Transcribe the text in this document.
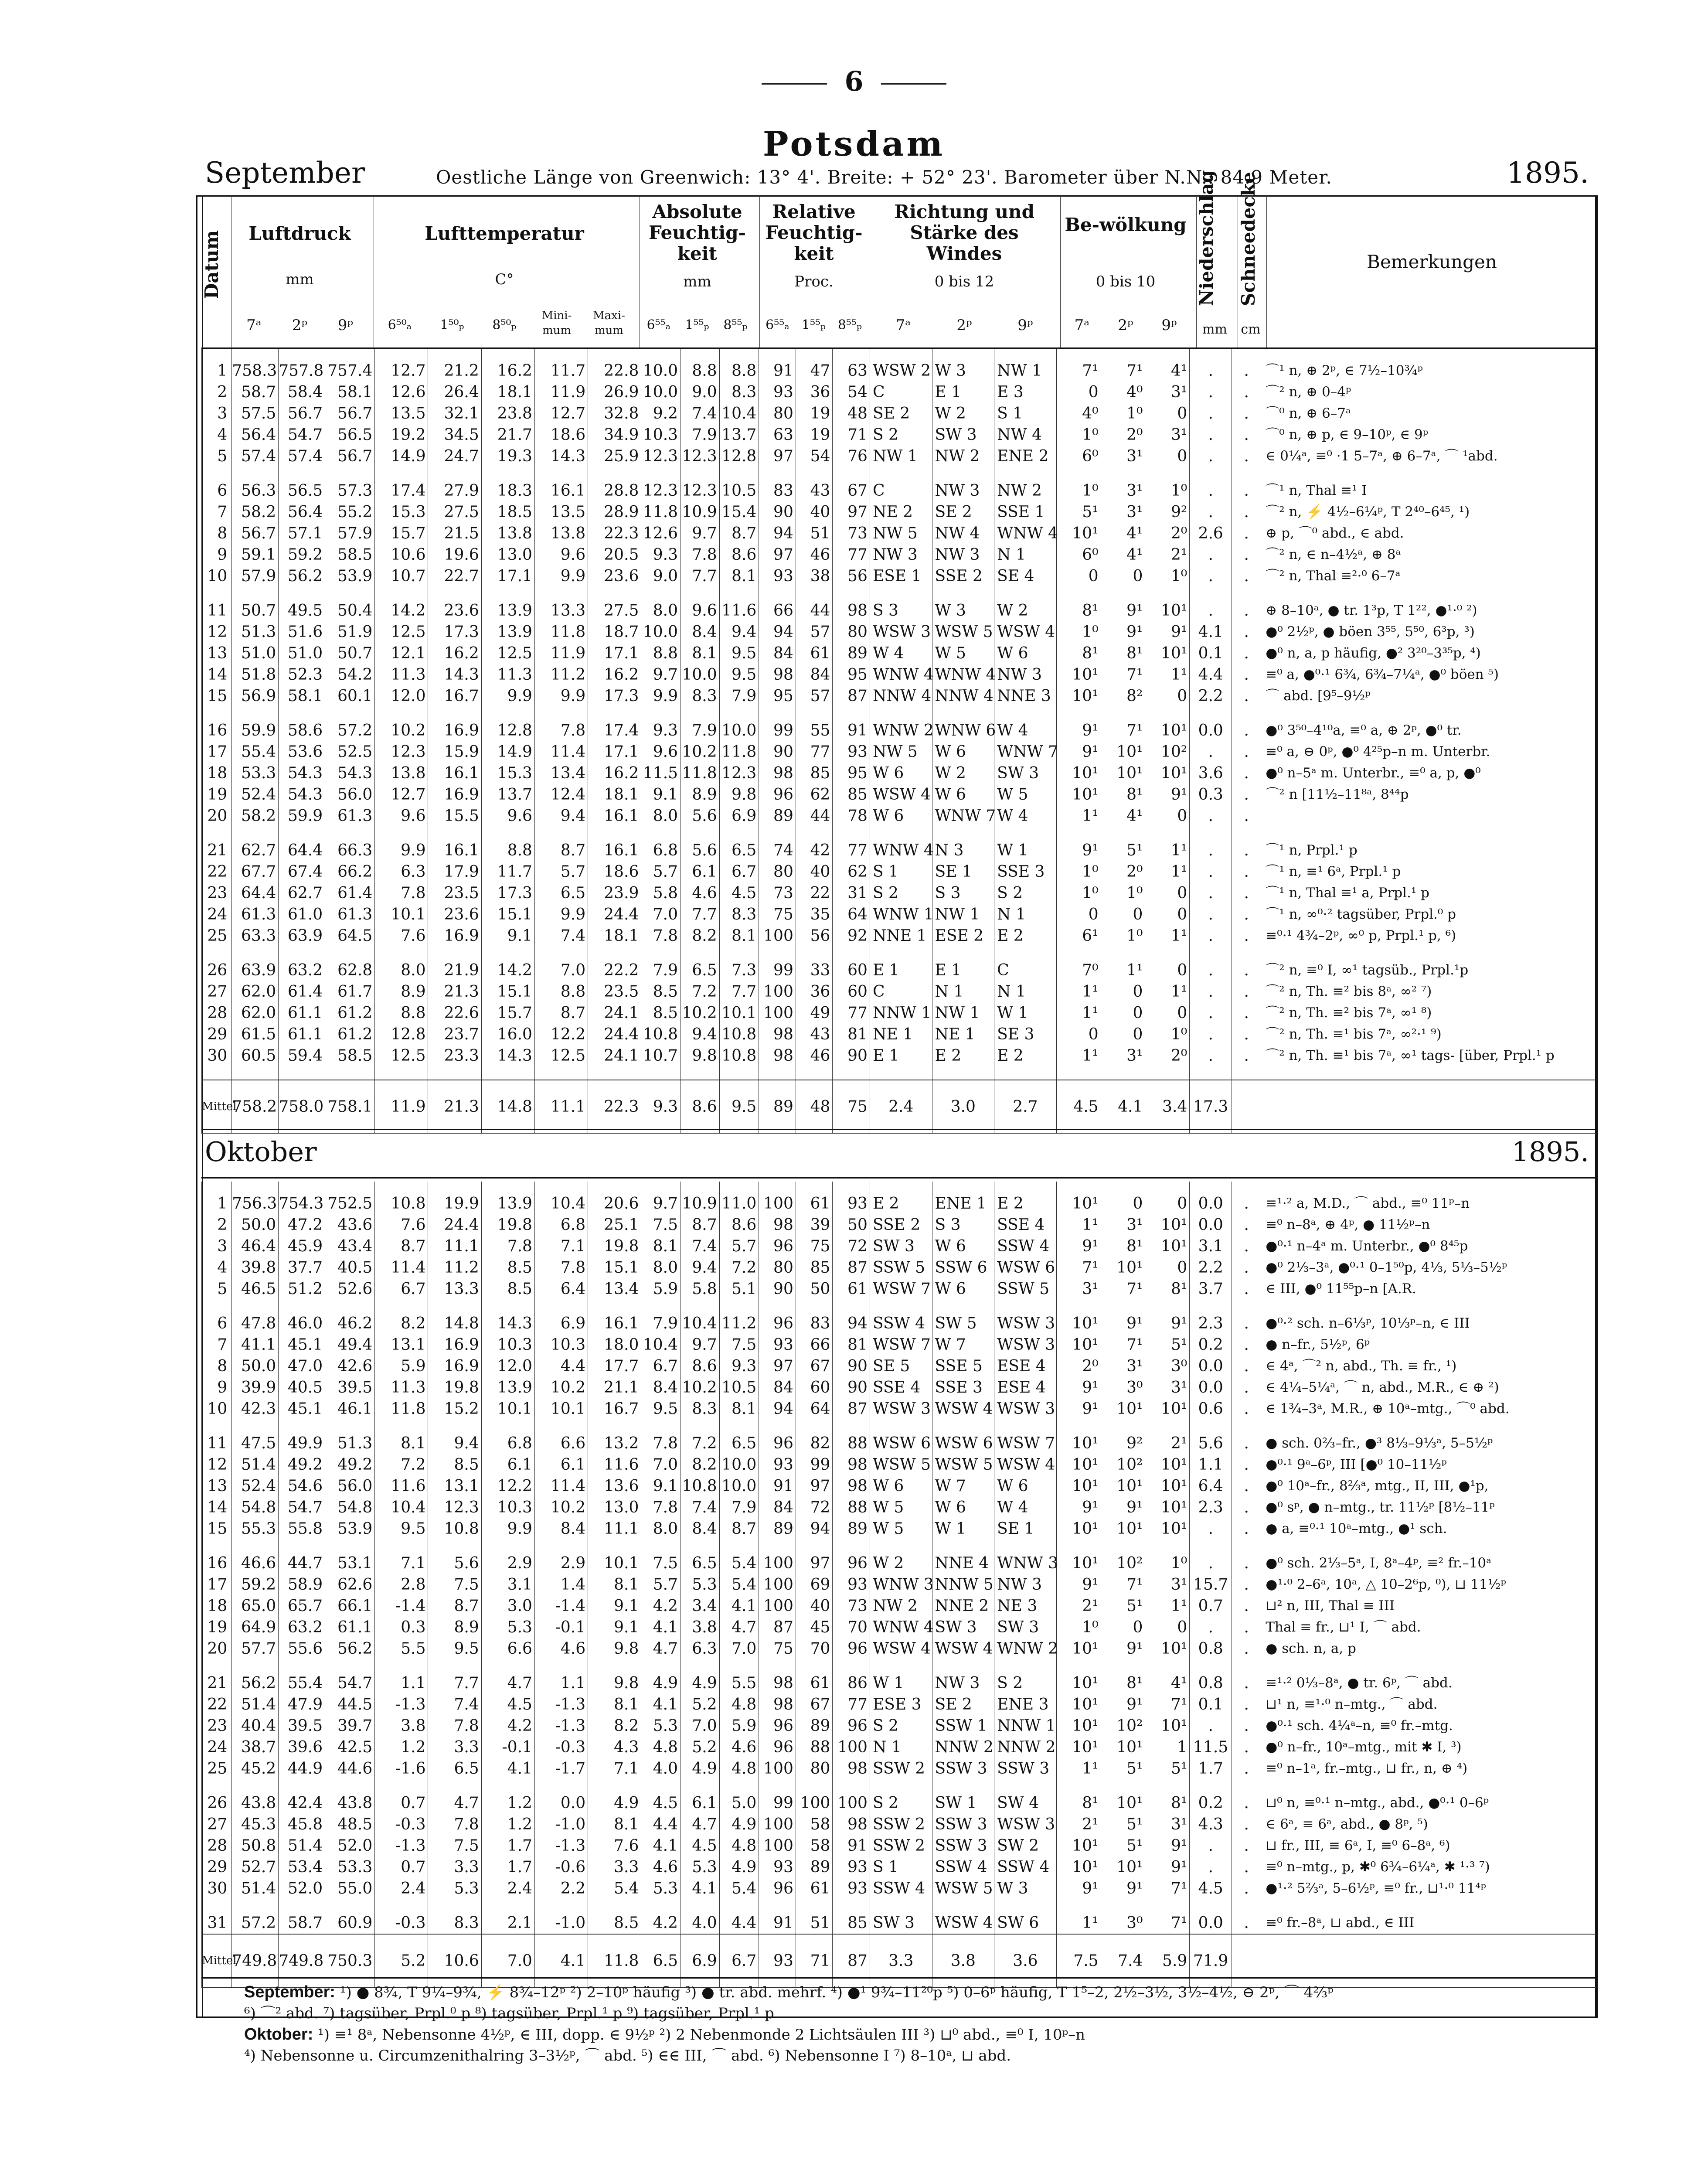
6
Potsdam
September	Oestliche Länge von Greenwich: 13° 4'. Breite: + 52° 23'. Barometer über N.N.: 84.9 Meter.	1895.
Datum	Luftdruck
mm
Lufttemperatur
C°
Absolute Feuchtig-keit
mm
Relative Feuchtig-keit
Proc.
Richtung und Stärke des Windes
0 bis 12
Be-wölkung
0 bis 10	Niederschlag	Schneedecke	Bemerkungen
7ᵃ	2ᵖ	9ᵖ	6⁵⁰ₐ	1⁵⁰ₚ	8⁵⁰ₚ
Mini-mum
Maxi-mum	6⁵⁵ₐ	1⁵⁵ₚ	8⁵⁵ₚ	6⁵⁵ₐ 1⁵⁵ₚ 8⁵⁵ₚ	7ᵃ	2ᵖ	9ᵖ	7ᵃ	2ᵖ	9ᵖ	mm	cm
1	758.3	757.8	757.4	12.7	21.2	16.2	11.7	22.8	10.0	8.8	8.8	91	47	63	WSW 2	W 3	NW 1	7¹	7¹	4¹	.	.	⌒¹ n, ⊕ 2ᵖ, ∈ 7½–10¾ᵖ
2	58.7	58.4	58.1	12.6	26.4	18.1	11.9	26.9	10.0	9.0	8.3	93	36	54	C	E 1	E 3	0	4⁰	3¹	.	.	⌒² n, ⊕ 0–4ᵖ
3	57.5	56.7	56.7	13.5	32.1	23.8	12.7	32.8	9.2	7.4	10.4	80	19	48	SE 2	W 2	S 1	4⁰	1⁰	0	.	.	⌒⁰ n, ⊕ 6–7ᵃ
4	56.4	54.7	56.5	19.2	34.5	21.7	18.6	34.9	10.3	7.9	13.7	63	19	71	S 2	SW 3	NW 4	1⁰	2⁰	3¹	.	.	⌒⁰ n, ⊕ p, ∈ 9–10ᵖ, ∈ 9ᵖ
5	57.4	57.4	56.7	14.9	24.7	19.3	14.3	25.9	12.3	12.3	12.8	97	54	76	NW 1	NW 2	ENE 2	6⁰	3¹	0	.	.	∈ 0¼ᵃ, ≡⁰ ·1 5–7ᵃ, ⊕ 6–7ᵃ, ⌒ ¹abd.
6	56.3	56.5	57.3	17.4	27.9	18.3	16.1	28.8	12.3	12.3	10.5	83	43	67	C	NW 3	NW 2	1⁰	3¹	1⁰	.	.	⌒¹ n, Thal ≡¹ I
7	58.2	56.4	55.2	15.3	27.5	18.5	13.5	28.9	11.8	10.9	15.4	90	40	97	NE 2	SE 2	SSE 1	5¹	3¹	9²	.	.	⌒² n, ⚡ 4½–6¼ᵖ, T 2⁴⁰–6⁴⁵, ¹)
8	56.7	57.1	57.9	15.7	21.5	13.8	13.8	22.3	12.6	9.7	8.7	94	51	73	NW 5	NW 4	WNW 4	10¹	4¹	2⁰	2.6	.	⊕ p, ⌒⁰ abd., ∈ abd.
9	59.1	59.2	58.5	10.6	19.6	13.0	9.6	20.5	9.3	7.8	8.6	97	46	77	NW 3	NW 3	N 1	6⁰	4¹	2¹	.	.	⌒² n, ∈ n–4½ᵃ, ⊕ 8ᵃ
10	57.9	56.2	53.9	10.7	22.7	17.1	9.9	23.6	9.0	7.7	8.1	93	38	56	ESE 1	SSE 2	SE 4	0	0	1⁰	.	.	⌒² n, Thal ≡²·⁰ 6–7ᵃ
11	50.7	49.5	50.4	14.2	23.6	13.9	13.3	27.5	8.0	9.6	11.6	66	44	98	S 3	W 3	W 2	8¹	9¹	10¹	.	.	⊕ 8–10ᵃ, ● tr. 1³p, T 1²², ●¹·⁰ ²)
12	51.3	51.6	51.9	12.5	17.3	13.9	11.8	18.7	10.0	8.4	9.4	94	57	80	WSW 3	WSW 5	WSW 4	1⁰	9¹	9¹	4.1	.	●⁰ 2½ᵖ, ● böen 3⁵⁵, 5⁵⁰, 6³p, ³)
13	51.0	51.0	50.7	12.1	16.2	12.5	11.9	17.1	8.8	8.1	9.5	84	61	89	W 4	W 5	W 6	8¹	8¹	10¹	0.1	.	●⁰ n, a, p häufig, ●² 3²⁰–3³⁵p, ⁴)
14	51.8	52.3	54.2	11.3	14.3	11.3	11.2	16.2	9.7	10.0	9.5	98	84	95	WNW 4	WNW 4	NW 3	10¹	7¹	1¹	4.4	.	≡⁰ a, ●⁰·¹ 6¾, 6¾–7¼ᵃ, ●⁰ böen ⁵)
15	56.9	58.1	60.1	12.0	16.7	9.9	9.9	17.3	9.9	8.3	7.9	95	57	87	NNW 4	NNW 4	NNE 3	10¹	8²	0	2.2	.	⌒ abd. [9⁵–9½ᵖ
16	59.9	58.6	57.2	10.2	16.9	12.8	7.8	17.4	9.3	7.9	10.0	99	55	91	WNW 2	WNW 6	W 4	9¹	7¹	10¹	0.0	.	●⁰ 3⁵⁰–4¹⁰a, ≡⁰ a, ⊕ 2ᵖ, ●⁰ tr.
17	55.4	53.6	52.5	12.3	15.9	14.9	11.4	17.1	9.6	10.2	11.8	90	77	93	NW 5	W 6	WNW 7	9¹	10¹	10²	.	.	≡⁰ a, ⊖ 0ᵖ, ●⁰ 4²⁵p–n m. Unterbr.
18	53.3	54.3	54.3	13.8	16.1	15.3	13.4	16.2	11.5	11.8	12.3	98	85	95	W 6	W 2	SW 3	10¹	10¹	10¹	3.6	.	●⁰ n–5ᵃ m. Unterbr., ≡⁰ a, p, ●⁰
19	52.4	54.3	56.0	12.7	16.9	13.7	12.4	18.1	9.1	8.9	9.8	96	62	85	WSW 4	W 6	W 5	10¹	8¹	9¹	0.3	.	⌒² n [11½–11⁸ᵃ, 8⁴⁴p
20	58.2	59.9	61.3	9.6	15.5	9.6	9.4	16.1	8.0	5.6	6.9	89	44	78	W 6	WNW 7	W 4	1¹	4¹	0	.	.	
21	62.7	64.4	66.3	9.9	16.1	8.8	8.7	16.1	6.8	5.6	6.5	74	42	77	WNW 4	N 3	W 1	9¹	5¹	1¹	.	.	⌒¹ n, Prpl.¹ p
22	67.7	67.4	66.2	6.3	17.9	11.7	5.7	18.6	5.7	6.1	6.7	80	40	62	S 1	SE 1	SSE 3	1⁰	2⁰	1¹	.	.	⌒¹ n, ≡¹ 6ᵃ, Prpl.¹ p
23	64.4	62.7	61.4	7.8	23.5	17.3	6.5	23.9	5.8	4.6	4.5	73	22	31	S 2	S 3	S 2	1⁰	1⁰	0	.	.	⌒¹ n, Thal ≡¹ a, Prpl.¹ p
24	61.3	61.0	61.3	10.1	23.6	15.1	9.9	24.4	7.0	7.7	8.3	75	35	64	WNW 1	NW 1	N 1	0	0	0	.	.	⌒¹ n, ∞⁰·² tagsüber, Prpl.⁰ p
25	63.3	63.9	64.5	7.6	16.9	9.1	7.4	18.1	7.8	8.2	8.1	100	56	92	NNE 1	ESE 2	E 2	6¹	1⁰	1¹	.	.	≡⁰·¹ 4¾–2ᵖ, ∞⁰ p, Prpl.¹ p, ⁶)
26	63.9	63.2	62.8	8.0	21.9	14.2	7.0	22.2	7.9	6.5	7.3	99	33	60	E 1	E 1	C	7⁰	1¹	0	.	.	⌒² n, ≡⁰ I, ∞¹ tagsüb., Prpl.¹p
27	62.0	61.4	61.7	8.9	21.3	15.1	8.8	23.5	8.5	7.2	7.7	100	36	60	C	N 1	N 1	1¹	0	1¹	.	.	⌒² n, Th. ≡² bis 8ᵃ, ∞² ⁷)
28	62.0	61.1	61.2	8.8	22.6	15.7	8.7	24.1	8.5	10.2	10.1	100	49	77	NNW 1	NW 1	W 1	1¹	0	0	.	.	⌒² n, Th. ≡² bis 7ᵃ, ∞¹ ⁸)
29	61.5	61.1	61.2	12.8	23.7	16.0	12.2	24.4	10.8	9.4	10.8	98	43	81	NE 1	NE 1	SE 3	0	0	1⁰	.	.	⌒² n, Th. ≡¹ bis 7ᵃ, ∞²·¹ ⁹)
30	60.5	59.4	58.5	12.5	23.3	14.3	12.5	24.1	10.7	9.8	10.8	98	46	90	E 1	E 2	E 2	1¹	3¹	2⁰	.	.	⌒² n, Th. ≡¹ bis 7ᵃ, ∞¹ tags- [über, Prpl.¹ p
Mittel	758.2	758.0	758.1	11.9	21.3	14.8	11.1	22.3	9.3	8.6	9.5	89	48	75	2.4	3.0	2.7	4.5	4.1	3.4	17.3		
Oktober	1895.
1	756.3	754.3	752.5	10.8	19.9	13.9	10.4	20.6	9.7	10.9	11.0	100	61	93	E 2	ENE 1	E 2	10¹	0	0	0.0	.	≡¹·² a, M.D., ⌒ abd., ≡⁰ 11ᵖ–n
2	50.0	47.2	43.6	7.6	24.4	19.8	6.8	25.1	7.5	8.7	8.6	98	39	50	SSE 2	S 3	SSE 4	1¹	3¹	10¹	0.0	.	≡⁰ n–8ᵃ, ⊕ 4ᵖ, ● 11½ᵖ–n
3	46.4	45.9	43.4	8.7	11.1	7.8	7.1	19.8	8.1	7.4	5.7	96	75	72	SW 3	W 6	SSW 4	9¹	8¹	10¹	3.1	.	●⁰·¹ n–4ᵃ m. Unterbr., ●⁰ 8⁴⁵p
4	39.8	37.7	40.5	11.4	11.2	8.5	7.8	15.1	8.0	9.4	7.2	80	85	87	SSW 5	SSW 6	WSW 6	7¹	10¹	0	2.2	.	●⁰ 2⅓–3ᵃ, ●⁰·¹ 0–1⁵⁰p, 4⅓, 5⅓–5½ᵖ
5	46.5	51.2	52.6	6.7	13.3	8.5	6.4	13.4	5.9	5.8	5.1	90	50	61	WSW 7	W 6	SSW 5	3¹	7¹	8¹	3.7	.	∈ III, ●⁰ 11⁵⁵p–n [A.R.
6	47.8	46.0	46.2	8.2	14.8	14.3	6.9	16.1	7.9	10.4	11.2	96	83	94	SSW 4	SW 5	WSW 3	10¹	9¹	9¹	2.3	.	●⁰·² sch. n–6⅓ᵖ, 10⅓ᵖ–n, ∈ III
7	41.1	45.1	49.4	13.1	16.9	10.3	10.3	18.0	10.4	9.7	7.5	93	66	81	WSW 7	W 7	WSW 3	10¹	7¹	5¹	0.2	.	● n–fr., 5½ᵖ, 6ᵖ
8	50.0	47.0	42.6	5.9	16.9	12.0	4.4	17.7	6.7	8.6	9.3	97	67	90	SE 5	SSE 5	ESE 4	2⁰	3¹	3⁰	0.0	.	∈ 4ᵃ, ⌒² n, abd., Th. ≡ fr., ¹)
9	39.9	40.5	39.5	11.3	19.8	13.9	10.2	21.1	8.4	10.2	10.5	84	60	90	SSE 4	SSE 3	ESE 4	9¹	3⁰	3¹	0.0	.	∈ 4¼–5¼ᵃ, ⌒ n, abd., M.R., ∈ ⊕ ²)
10	42.3	45.1	46.1	11.8	15.2	10.1	10.1	16.7	9.5	8.3	8.1	94	64	87	WSW 3	WSW 4	WSW 3	9¹	10¹	10¹	0.6	.	∈ 1¾–3ᵃ, M.R., ⊕ 10ᵃ–mtg., ⌒⁰ abd.
11	47.5	49.9	51.3	8.1	9.4	6.8	6.6	13.2	7.8	7.2	6.5	96	82	88	WSW 6	WSW 6	WSW 7	10¹	9²	2¹	5.6	.	● sch. 0⅔–fr., ●³ 8⅓–9⅓ᵃ, 5–5½ᵖ
12	51.4	49.2	49.2	7.2	8.5	6.1	6.1	11.6	7.0	8.2	10.0	93	99	98	WSW 5	WSW 5	WSW 4	10¹	10²	10¹	1.1	.	●⁰·¹ 9ᵃ–6ᵖ, III [●⁰ 10–11½ᵖ
13	52.4	54.6	56.0	11.6	13.1	12.2	11.4	13.6	9.1	10.8	10.0	91	97	98	W 6	W 7	W 6	10¹	10¹	10¹	6.4	.	●⁰ 10ᵃ–fr., 8⅔ᵃ, mtg., II, III, ●¹p,
14	54.8	54.7	54.8	10.4	12.3	10.3	10.2	13.0	7.8	7.4	7.9	84	72	88	W 5	W 6	W 4	9¹	9¹	10¹	2.3	.	●⁰ sᵖ, ● n–mtg., tr. 11½ᵖ [8½–11ᵖ
15	55.3	55.8	53.9	9.5	10.8	9.9	8.4	11.1	8.0	8.4	8.7	89	94	89	W 5	W 1	SE 1	10¹	10¹	10¹	.	.	● a, ≡⁰·¹ 10ᵃ–mtg., ●¹ sch.
16	46.6	44.7	53.1	7.1	5.6	2.9	2.9	10.1	7.5	6.5	5.4	100	97	96	W 2	NNE 4	WNW 3	10¹	10²	1⁰	.	.	●⁰ sch. 2⅓–5ᵃ, I, 8ᵃ–4ᵖ, ≡² fr.–10ᵃ
17	59.2	58.9	62.6	2.8	7.5	3.1	1.4	8.1	5.7	5.3	5.4	100	69	93	WNW 3	NNW 5	NW 3	9¹	7¹	3¹	15.7	.	●¹·⁰ 2–6ᵃ, 10ᵃ, △ 10–2⁶p, ⁰), ⊔ 11½ᵖ
18	65.0	65.7	66.1	-1.4	8.7	3.0	-1.4	9.1	4.2	3.4	4.1	100	40	73	NW 2	NNE 2	NE 3	2¹	5¹	1¹	0.7	.	⊔² n, III, Thal ≡ III
19	64.9	63.2	61.1	0.3	8.9	5.3	-0.1	9.1	4.1	3.8	4.7	87	45	70	WNW 4	SW 3	SW 3	1⁰	0	0	.	.	Thal ≡ fr., ⊔¹ I, ⌒ abd.
20	57.7	55.6	56.2	5.5	9.5	6.6	4.6	9.8	4.7	6.3	7.0	75	70	96	WSW 4	WSW 4	WNW 2	10¹	9¹	10¹	0.8	.	● sch. n, a, p
21	56.2	55.4	54.7	1.1	7.7	4.7	1.1	9.8	4.9	4.9	5.5	98	61	86	W 1	NW 3	S 2	10¹	8¹	4¹	0.8	.	≡¹·² 0⅓–8ᵃ, ● tr. 6ᵖ, ⌒ abd.
22	51.4	47.9	44.5	-1.3	7.4	4.5	-1.3	8.1	4.1	5.2	4.8	98	67	77	ESE 3	SE 2	ENE 3	10¹	9¹	7¹	0.1	.	⊔¹ n, ≡¹·⁰ n–mtg., ⌒ abd.
23	40.4	39.5	39.7	3.8	7.8	4.2	-1.3	8.2	5.3	7.0	5.9	96	89	96	S 2	SSW 1	NNW 1	10¹	10²	10¹	.	.	●⁰·¹ sch. 4¼ᵃ–n, ≡⁰ fr.–mtg.
24	38.7	39.6	42.5	1.2	3.3	-0.1	-0.3	4.3	4.8	5.2	4.6	96	88	100	N 1	NNW 2	NNW 2	10¹	10¹	1	11.5	.	●⁰ n–fr., 10ᵃ–mtg., mit ✱ I, ³)
25	45.2	44.9	44.6	-1.6	6.5	4.1	-1.7	7.1	4.0	4.9	4.8	100	80	98	SSW 2	SSW 3	SSW 3	1¹	5¹	5¹	1.7	.	≡⁰ n–1ᵃ, fr.–mtg., ⊔ fr., n, ⊕ ⁴)
26	43.8	42.4	43.8	0.7	4.7	1.2	0.0	4.9	4.5	6.1	5.0	99	100	100	S 2	SW 1	SW 4	8¹	10¹	8¹	0.2	.	⊔⁰ n, ≡⁰·¹ n–mtg., abd., ●⁰·¹ 0–6ᵖ
27	45.3	45.8	48.5	-0.3	7.8	1.2	-1.0	8.1	4.4	4.7	4.9	100	58	98	SSW 2	SSW 3	WSW 3	2¹	5¹	3¹	4.3	.	∈ 6ᵃ, ≡ 6ᵃ, abd., ● 8ᵖ, ⁵)
28	50.8	51.4	52.0	-1.3	7.5	1.7	-1.3	7.6	4.1	4.5	4.8	100	58	91	SSW 2	SSW 3	SW 2	10¹	5¹	9¹	.	.	⊔ fr., III, ≡ 6ᵃ, I, ≡⁰ 6–8ᵃ, ⁶)
29	52.7	53.4	53.3	0.7	3.3	1.7	-0.6	3.3	4.6	5.3	4.9	93	89	93	S 1	SSW 4	SSW 4	10¹	10¹	9¹	.	.	≡⁰ n–mtg., p, ✱⁰ 6¾–6¼ᵃ, ✱ ¹·³ ⁷)
30	51.4	52.0	55.0	2.4	5.3	2.4	2.2	5.4	5.3	4.1	5.4	96	61	93	SSW 4	WSW 5	W 3	9¹	9¹	7¹	4.5	.	●¹·² 5⅔ᵃ, 5–6½ᵖ, ≡⁰ fr., ⊔¹·⁰ 11⁴ᵖ
31	57.2	58.7	60.9	-0.3	8.3	2.1	-1.0	8.5	4.2	4.0	4.4	91	51	85	SW 3	WSW 4	SW 6	1¹	3⁰	7¹	0.0	.	≡⁰ fr.–8ᵃ, ⊔ abd., ∈ III
Mittel	749.8	749.8	750.3	5.2	10.6	7.0	4.1	11.8	6.5	6.9	6.7	93	71	87	3.3	3.8	3.6	7.5	7.4	5.9	71.9		
September: ¹) ● 8¾, T 9¼–9¾, ⚡ 8¾–12ᵖ ²) 2–10ᵖ häufig ³) ● tr. abd. mehrf. ⁴) ●¹ 9¾–11²⁰p ⁵) 0–6ᵖ häufig, T 1⁵–2, 2½–3½, 3½–4½, ⊖ 2ᵖ, ⌒ 4⅔ᵖ
⁶) ⌒² abd. ⁷) tagsüber, Prpl.⁰ p ⁸) tagsüber, Prpl.¹ p ⁹) tagsüber, Prpl.¹ p
Oktober: ¹) ≡¹ 8ᵃ, Nebensonne 4½ᵖ, ∈ III, dopp. ∈ 9½ᵖ ²) 2 Nebenmonde 2 Lichtsäulen III ³) ⊔⁰ abd., ≡⁰ I, 10ᵖ–n
⁴) Nebensonne u. Circumzenithalring 3–3½ᵖ, ⌒ abd. ⁵) ∈∈ III, ⌒ abd. ⁶) Nebensonne I ⁷) 8–10ᵃ, ⊔ abd.
